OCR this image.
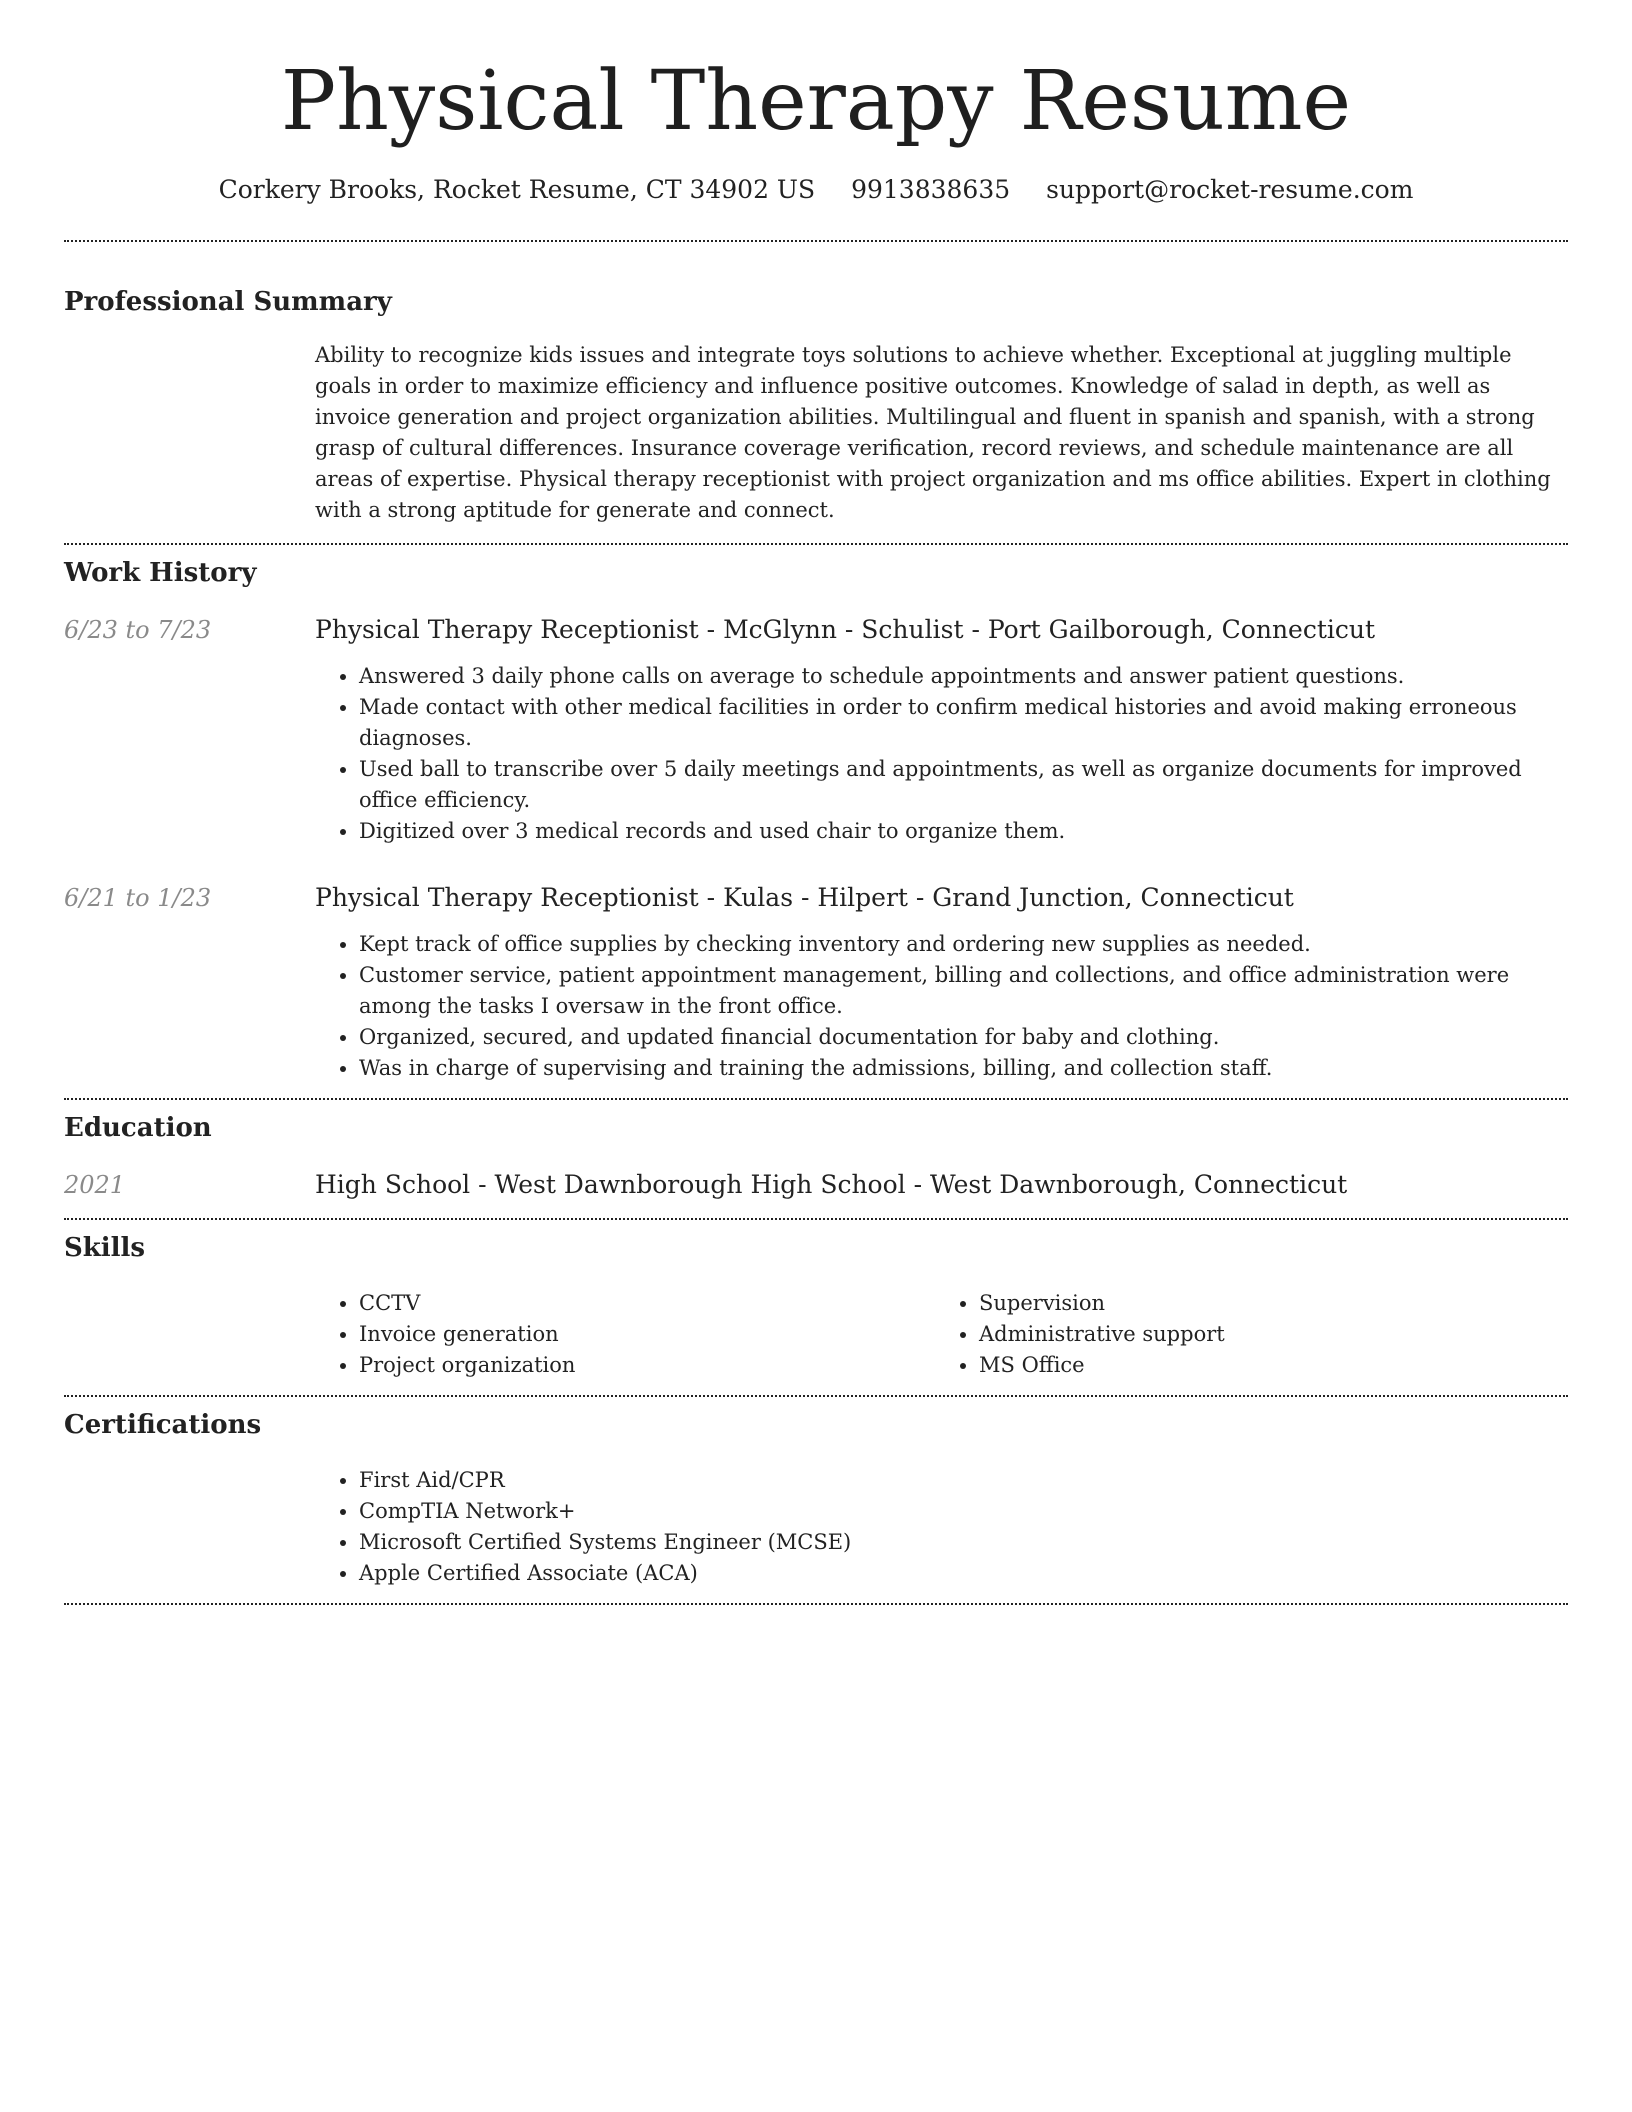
Physical Therapy Resume
Corkery Brooks, Rocket Resume, CT 34902 US 9913838635 support@rocket-resume.com
Professional Summary

Ability to recognize kids issues and integrate toys solutions to achieve whether. Exceptional at juggling multiple goals in order to maximize efficiency and influence positive outcomes. Knowledge of salad in depth, as well as invoice generation and project organization abilities. Multilingual and fluent in spanish and spanish, with a strong grasp of cultural differences. Insurance coverage verification, record reviews, and schedule maintenance are all areas of expertise. Physical therapy receptionist with project organization and ms office abilities. Expert in clothing with a strong aptitude for generate and connect.

Work History
6/23 to 7/23	Physical Therapy Receptionist - McGlynn - Schulist - Port Gailborough, Connecticut
• Answered 3 daily phone calls on average to schedule appointments and answer patient questions.
• Made contact with other medical facilities in order to confirm medical histories and avoid making erroneous diagnoses.
• Used ball to transcribe over 5 daily meetings and appointments, as well as organize documents for improved office efficiency.
• Digitized over 3 medical records and used chair to organize them.
6/21 to 1/23	Physical Therapy Receptionist - Kulas - Hilpert - Grand Junction, Connecticut
• Kept track of office supplies by checking inventory and ordering new supplies as needed.
• Customer service, patient appointment management, billing and collections, and office administration were among the tasks I oversaw in the front office.
• Organized, secured, and updated financial documentation for baby and clothing.
• Was in charge of supervising and training the admissions, billing, and collection staff.
Education
2021	High School - West Dawnborough High School - West Dawnborough, Connecticut
Skills
• CCTV
• Invoice generation
• Project organization
• Supervision
• Administrative support
• MS Office
Certifications
• First Aid/CPR
• CompTIA Network+
• Microsoft Certified Systems Engineer (MCSE)
• Apple Certified Associate (ACA)
